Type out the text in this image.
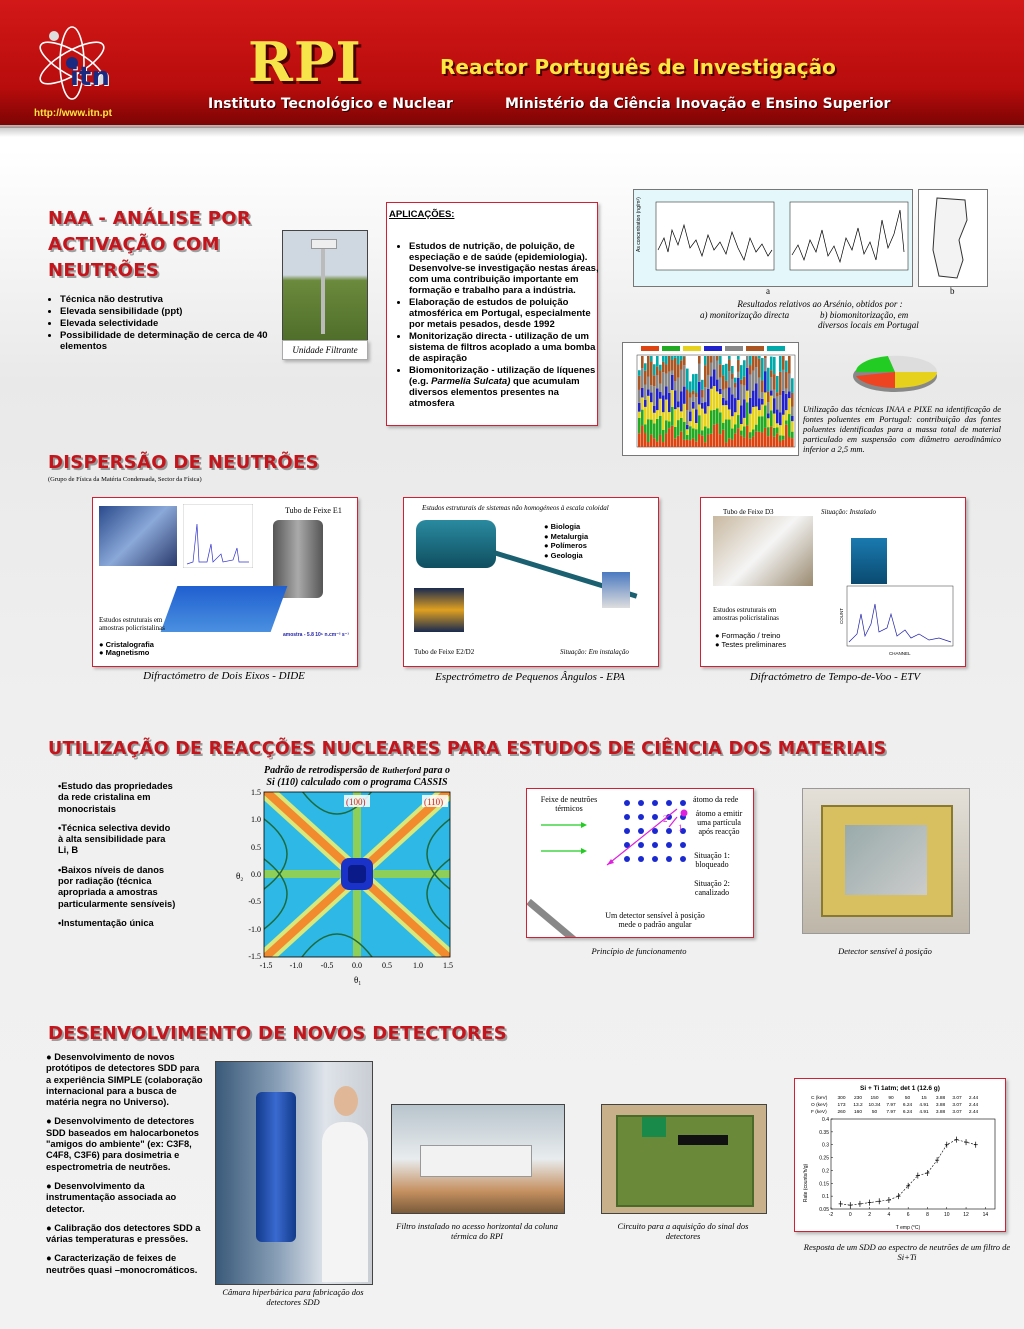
itn
http://www.itn.pt
RPI	Reactor Português de Investigação
Instituto Tecnológico e Nuclear	Ministério da Ciência Inovação e Ensino Superior
NAA - ANÁLISE POR
ACTIVAÇÃO COM
NEUTRÕES
• Técnica não destrutiva
• Elevada sensibilidade (ppt)
• Elevada selectividade
• Possibilidade de determinação de cerca de 40 elementos	Unidade Filtrante
APLICAÇÕES:
• Estudos de nutrição, de poluição, de especiação e de saúde (epidemiologia). Desenvolve-se investigação nestas áreas, com uma contribuição importante em formação e trabalho para a indústria.
• Elaboração de estudos de poluição atmosférica em Portugal, especialmente por metais pesados, desde 1992
• Monitorização directa - utilização de um sistema de filtros acoplado a uma bomba de aspiração
• Biomonitorização - utilização de líquenes (e.g. Parmelia Sulcata) que acumulam diversos elementos presentes na atmosfera
As concentration (ng/m³)
a	b
Resultados relativos ao Arsénio, obtidos por :
a) monitorização directa	b) biomonitorização, em
diversos locais em Portugal
Utilização das técnicas INAA e PIXE na identificação de fontes poluentes em Portugal: contribuição das fontes poluentes identificadas para a massa total de material particulado em suspensão com diâmetro aerodinâmico inferior a 2,5 mm.
DISPERSÃO DE NEUTRÕES
(Grupo de Física da Matéria Condensada, Sector da Física)
Tubo de Feixe E1
Estudos estruturais em amostras policristalinas
● Cristalografia
● Magnetismo
amostra - 5.8 10⁵ n.cm⁻² s⁻¹
Difractómetro de Dois Eixos - DIDE
Estudos estruturais de sistemas não homogéneos à escala coloidal
● Biologia
● Metalurgia
● Polímeros
● Geologia
Tubo de Feixe E2/D2	Situação: Em instalação
Espectrómetro de Pequenos Ângulos - EPA
Tubo de Feixe D3	Situação: Instalado
Estudos estruturais em amostras policristalinas
● Formação / treino
● Testes preliminares
CHANNEL
COUNT
Difractómetro de Tempo-de-Voo - ETV
UTILIZAÇÃO DE REACÇÕES NUCLEARES PARA ESTUDOS DE CIÊNCIA DOS MATERIAIS
•Estudo das propriedades da rede cristalina em monocristais
•Técnica selectiva devido à alta sensibilidade para Li, B
•Baixos níveis de danos por radiação (técnica apropriada a amostras particularmente sensíveis)
•Instumentação única
Padrão de retrodispersão de Rutherford para o
Si (110) calculado com o programa CASSIS
(100)	(110)
-1.5 -1.0 -0.5 0.0	0.5	1.0	1.5
1.5
1.0
0.5
0.0
-0.5
-1.0
-1.5
θ₁
θ₂
2
1
Feixe de neutrões térmicos
átomo da rede
átomo a emitir uma partícula após reacção
Situação 1: bloqueado
Situação 2: canalizado
Um detector sensível à posição mede o padrão angular
Princípio de funcionamento	Detector sensível à posição
DESENVOLVIMENTO DE NOVOS DETECTORES
● Desenvolvimento de novos protótipos de detectores SDD para a experiência SIMPLE (colaboração internacional para a busca de matéria negra no Universo).
● Desenvolvimento de detectores SDD baseados em halocarbonetos "amigos do ambiente" (ex: C3F8, C4F8, C3F6) para dosimetria e espectrometria de neutrões.
● Desenvolvimento da instrumentação associada ao detector.
● Calibração dos detectores SDD a várias temperaturas e pressões.
● Caracterização de feixes de neutrões quasi –monocromáticos.
Câmara hiperbárica para fabricação dos detectores SDD
Filtro instalado no acesso horizontal da coluna térmica do RPI
Circuito para a aquisição do sinal dos detectores
Si + Ti 1atm; det 1 (12.6 g)
T emp (°C)
Rate (counts/h/g)
-2	0	2	4	6	8	10	12	14
0.05
0.1
0.15
0.2
0.25
0.3
0.35
0.4
C (keV) 300 230 150 90 50 15 3.88 3.07 2.44
O (keV) 173 13.2 10.34 7.97 6.24 4.91 3.88 3.07 2.44
F (keV) 260 160 50 7.97 6.24 4.91 3.88 3.07 2.44
Resposta de um SDD ao espectro de neutrões de um filtro de Si+Ti
